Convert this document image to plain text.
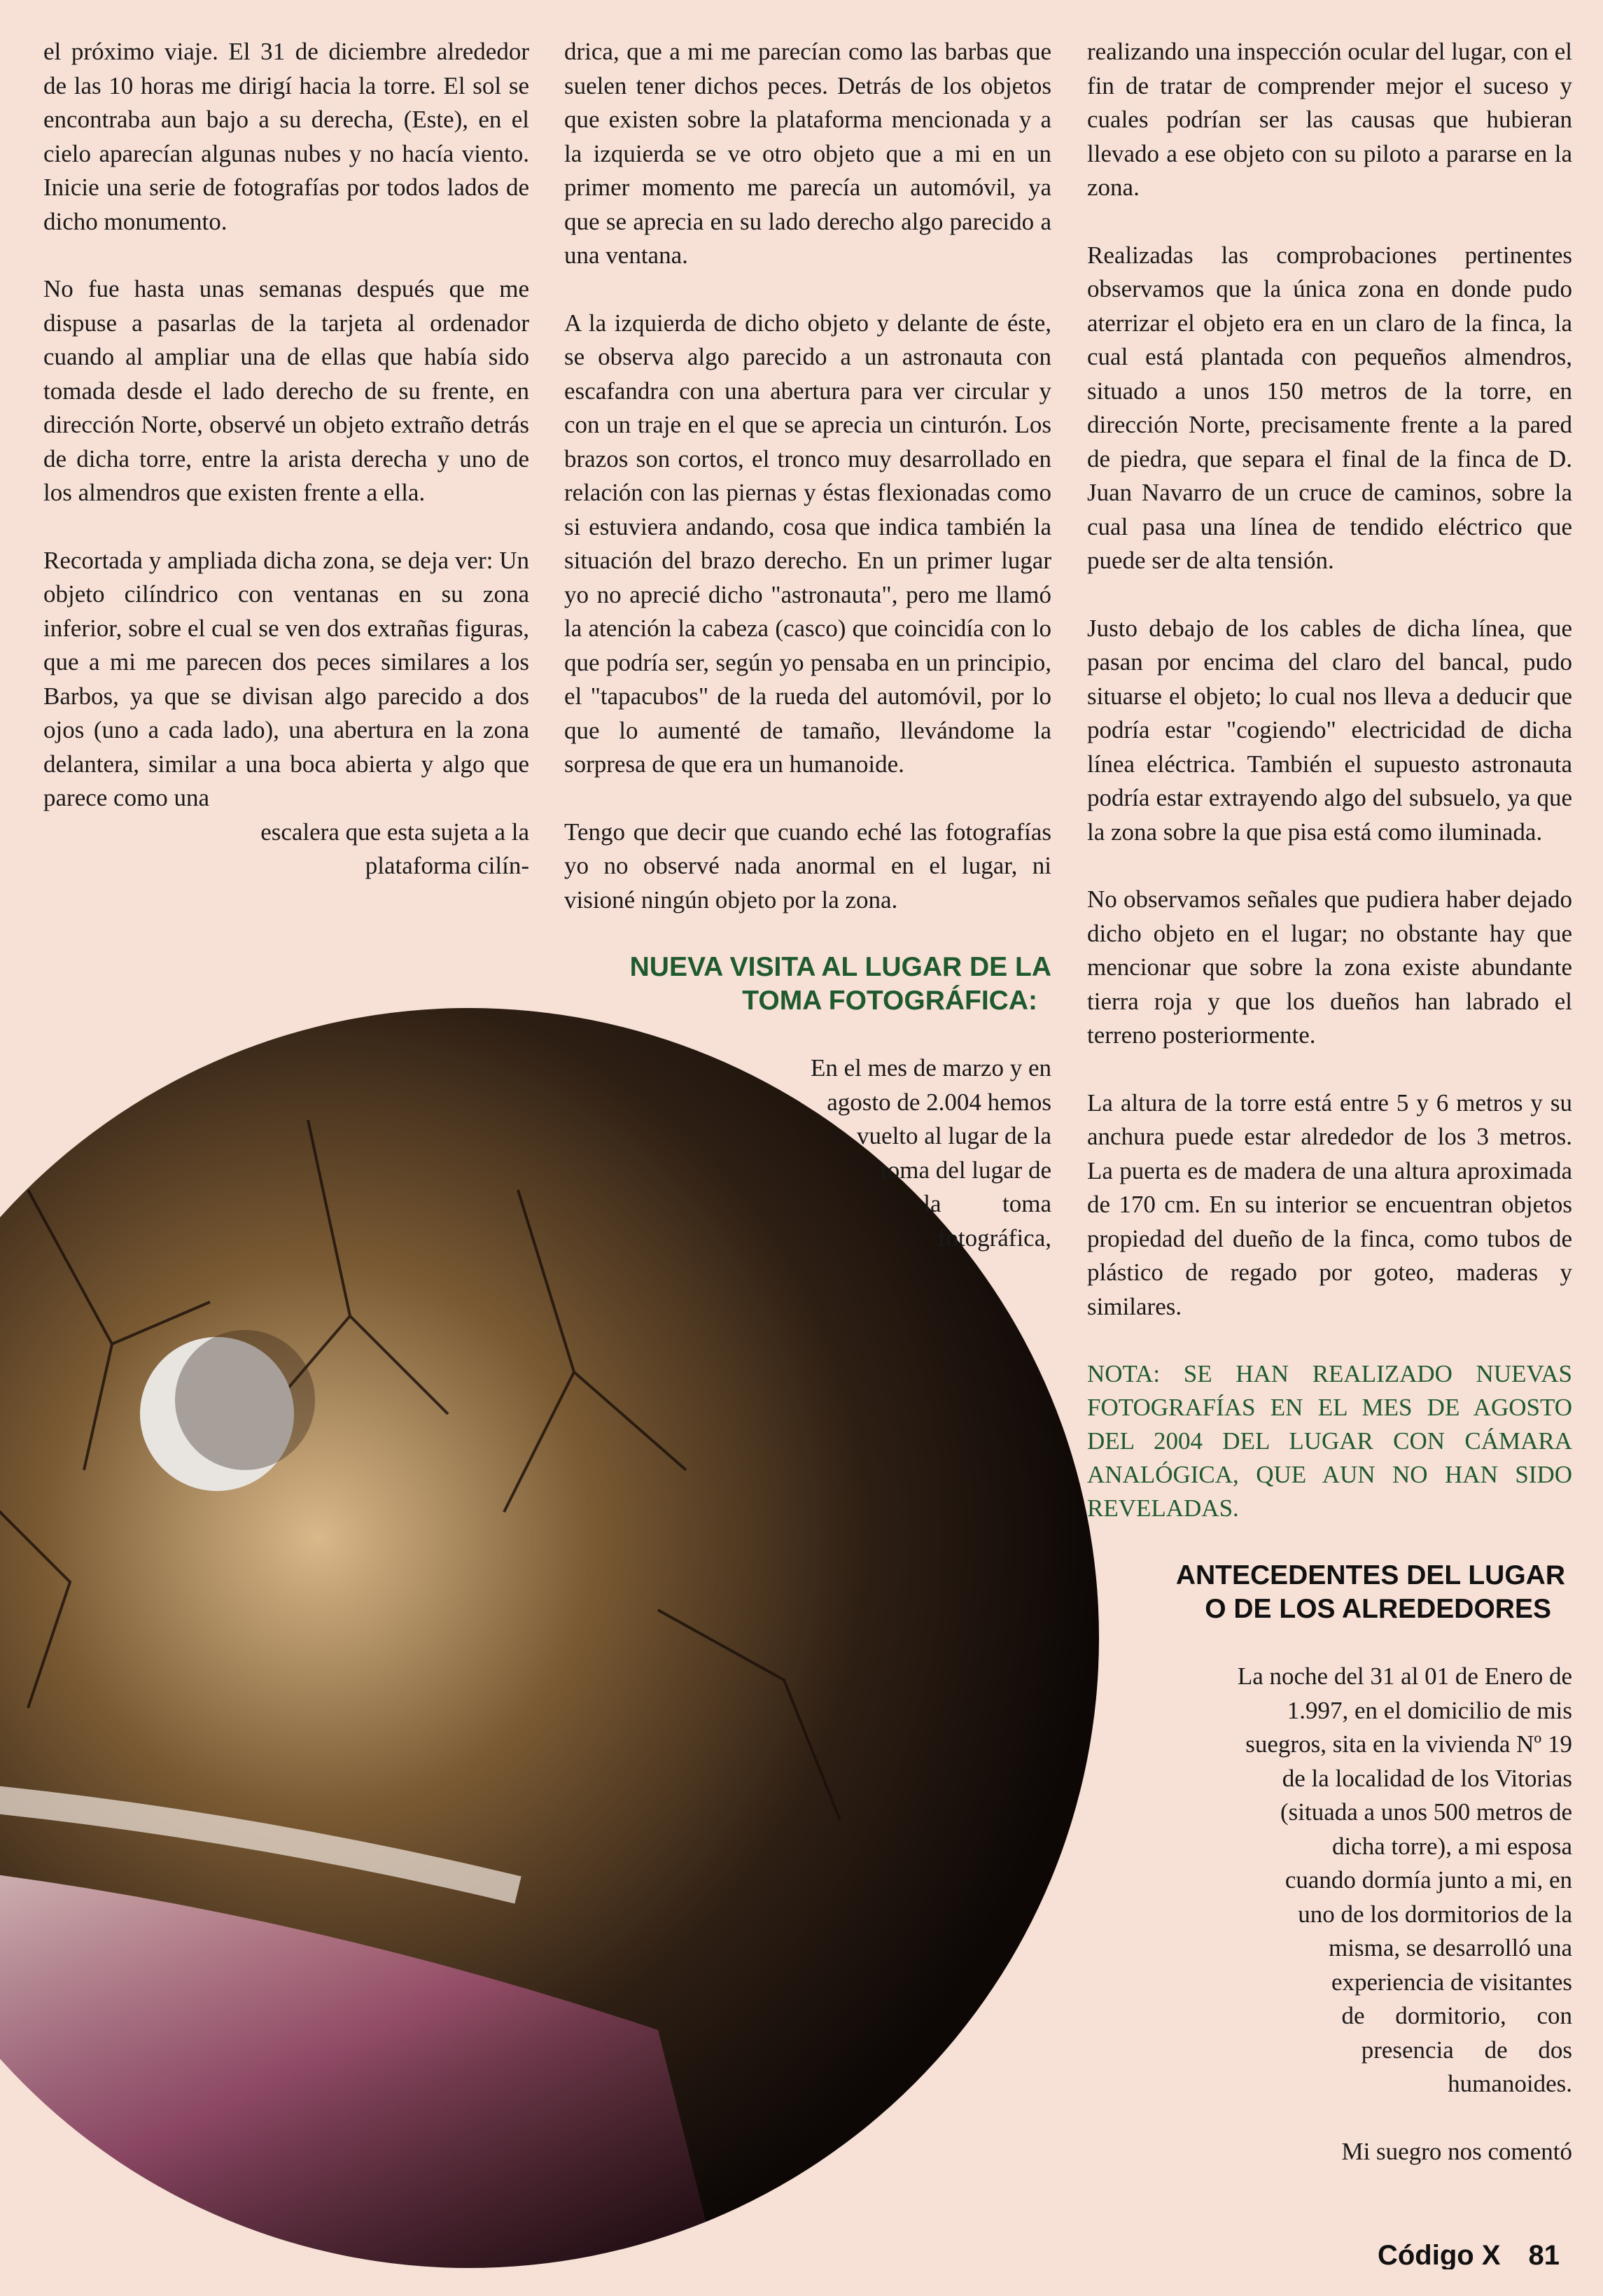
el próximo viaje. El 31 de diciembre alrededor de las 10 horas me dirigí hacia la torre. El sol se encontraba aun bajo a su derecha, (Este), en el cielo aparecían algunas nubes y no hacía viento. Inicie una serie de fotografías por todos lados de dicho monumento.

No fue hasta unas semanas después que me dispuse a pasarlas de la tarjeta al ordenador cuando al ampliar una de ellas que había sido tomada desde el lado derecho de su frente, en dirección Norte, observé un objeto extraño detrás de dicha torre, entre la arista derecha y uno de los almendros que existen frente a ella.

Recortada y ampliada dicha zona, se deja ver: Un objeto cilíndrico con ventanas en su zona inferior, sobre el cual se ven dos extrañas figuras, que a mi me parecen dos peces similares a los Barbos, ya que se divisan algo parecido a dos ojos (uno a cada lado), una abertura en la zona delantera, similar a una boca abierta y algo que parece como una

escalera que esta sujeta a la
plataforma cilín-

drica, que a mi me parecían como las barbas que suelen tener dichos peces. Detrás de los objetos que existen sobre la plataforma mencionada y a la izquierda se ve otro objeto que a mi en un primer momento me parecía un automóvil, ya que se aprecia en su lado derecho algo parecido a una ventana.

A la izquierda de dicho objeto y delante de éste, se observa algo parecido a un astronauta con escafandra con una abertura para ver circular y con un traje en el que se aprecia un cinturón. Los brazos son cortos, el tronco muy desarrollado en relación con las piernas y éstas flexionadas como si estuviera andando, cosa que indica también la situación del brazo derecho. En un primer lugar yo no aprecié dicho "astronauta", pero me llamó la atención la cabeza (casco) que coincidía con lo que podría ser, según yo pensaba en un principio, el "tapacubos" de la rueda del automóvil, por lo que lo aumenté de tamaño, llevándome la sorpresa de que era un humanoide.

Tengo que decir que cuando eché las fotografías yo no observé nada anormal en el lugar, ni visioné ningún objeto por la zona.

NUEVA VISITA AL LUGAR DE LA
TOMA FOTOGRÁFICA:
En el mes de marzo y en
agosto de 2.004 hemos
vuelto al lugar de la
toma del lugar de
la          toma
fotográfica,

realizando una inspección ocular del lugar, con el fin de tratar de comprender mejor el suceso y cuales podrían ser las causas que hubieran llevado a ese objeto con su piloto a pararse en la zona.

Realizadas las comprobaciones pertinentes observamos que la única zona en donde pudo aterrizar el objeto era en un claro de la finca, la cual está plantada con pequeños almendros, situado a unos 150 metros de la torre, en dirección Norte, precisamente frente a la pared de piedra, que separa el final de la finca de D. Juan Navarro de un cruce de caminos, sobre la cual pasa una línea de tendido eléctrico que puede ser de alta tensión.

Justo debajo de los cables de dicha línea, que pasan por encima del claro del bancal, pudo situarse el objeto; lo cual nos lleva a deducir que podría estar "cogiendo" electricidad de dicha línea eléctrica. También el supuesto astronauta podría estar extrayendo algo del subsuelo, ya que la zona sobre la que pisa está como iluminada.

No observamos señales que pudiera haber dejado dicho objeto en el lugar; no obstante hay que mencionar que sobre la zona existe abundante tierra roja y que los dueños han labrado el terreno posteriormente.

La altura de la torre está entre 5 y 6 metros y su anchura puede estar alrededor de los 3 metros. La puerta es de madera de una altura aproximada de 170 cm. En su interior se encuentran objetos propiedad del dueño de la finca, como tubos de plástico de regado por goteo, maderas y similares.

NOTA: SE HAN REALIZADO NUEVAS FOTOGRAFÍAS EN EL MES DE AGOSTO DEL 2004 DEL LUGAR CON CÁMARA ANALÓGICA, QUE AUN NO HAN SIDO REVELADAS.

ANTECEDENTES DEL LUGAR
O DE LOS ALREDEDORES
La noche del 31 al 01 de Enero de
1.997, en el domicilio de mis
suegros, sita en la vivienda Nº 19
de la localidad de los Vitorias
(situada a unos 500 metros de
dicha torre), a mi esposa
cuando dormía junto a mi, en
uno de los dormitorios de la
misma, se desarrolló una
experiencia de visitantes
de     dormitorio,     con
presencia     de     dos
humanoides.
Mi suegro nos comentó
Código X 81
